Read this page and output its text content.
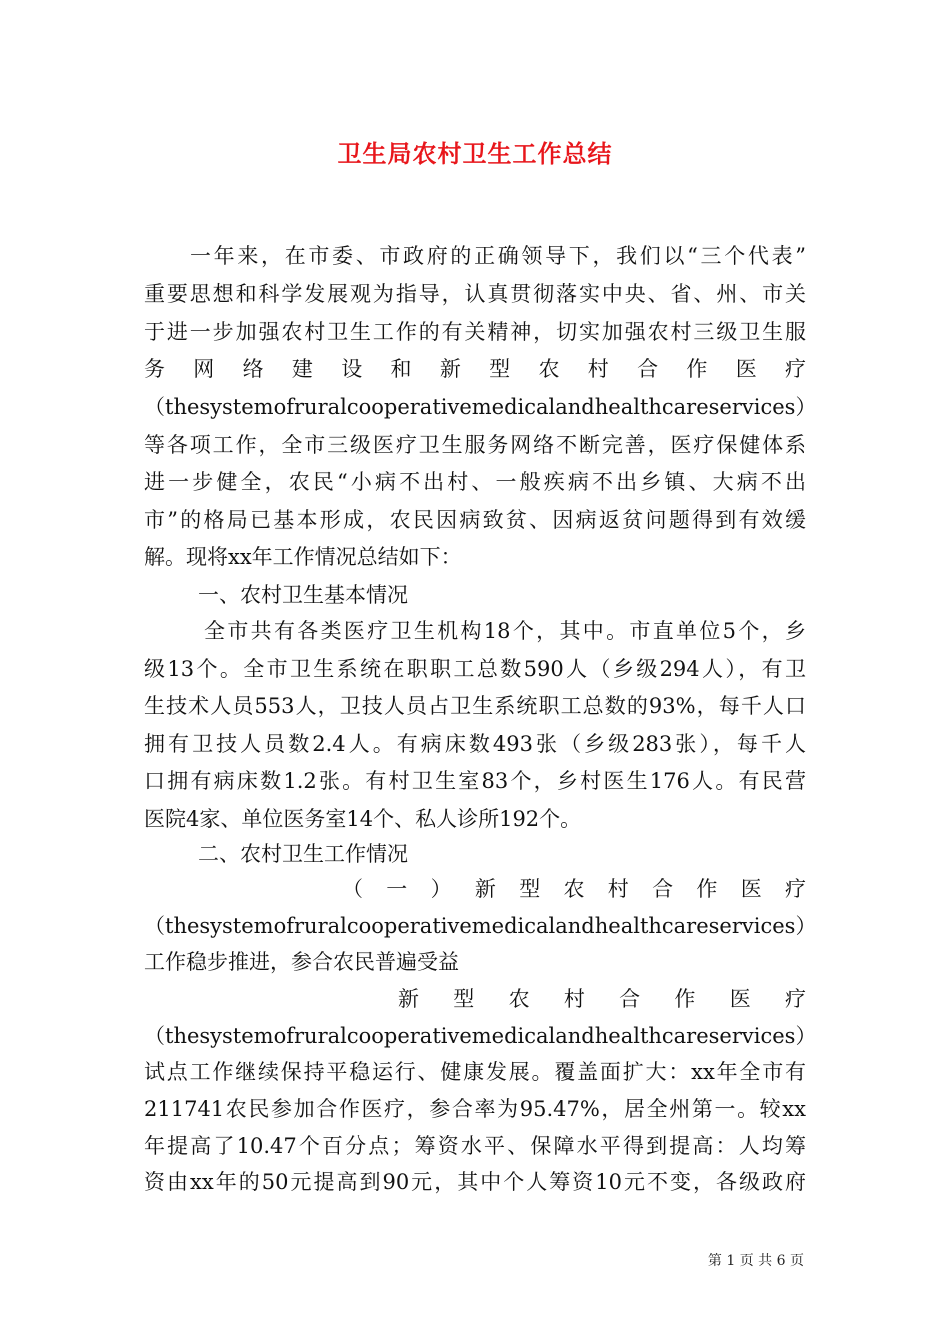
卫生局农村卫生工作总结
一年来，在市委、市政府的正确领导下，我们以“三个代表”
重要思想和科学发展观为指导，认真贯彻落实中央、省、州、市关
于进一步加强农村卫生工作的有关精神，切实加强农村三级卫生服
务网络建设和新型农村合作医疗
（thesystemofruralcooperativemedicalandhealthcareservices）
等各项工作，全市三级医疗卫生服务网络不断完善，医疗保健体系
进一步健全，农民“小病不出村、一般疾病不出乡镇、大病不出
市”的格局已基本形成，农民因病致贫、因病返贫问题得到有效缓
解。现将xx年工作情况总结如下：
一、农村卫生基本情况
全市共有各类医疗卫生机构18个，其中。市直单位5个，乡
级13个。全市卫生系统在职职工总数590人（乡级294人），有卫
生技术人员553人，卫技人员占卫生系统职工总数的93%，每千人口
拥有卫技人员数2.4人。有病床数493张（乡级283张），每千人
口拥有病床数1.2张。有村卫生室83个，乡村医生176人。有民营
医院4家、单位医务室14个、私人诊所192个。
二、农村卫生工作情况
（一）新型农村合作医疗
（thesystemofruralcooperativemedicalandhealthcareservices）
工作稳步推进，参合农民普遍受益
新型农村合作医疗
（thesystemofruralcooperativemedicalandhealthcareservices）
试点工作继续保持平稳运行、健康发展。覆盖面扩大：xx年全市有
211741农民参加合作医疗，参合率为95.47%，居全州第一。较xx
年提高了10.47个百分点；筹资水平、保障水平得到提高：人均筹
资由xx年的50元提高到90元，其中个人筹资10元不变，各级政府
第 1 页 共 6 页
